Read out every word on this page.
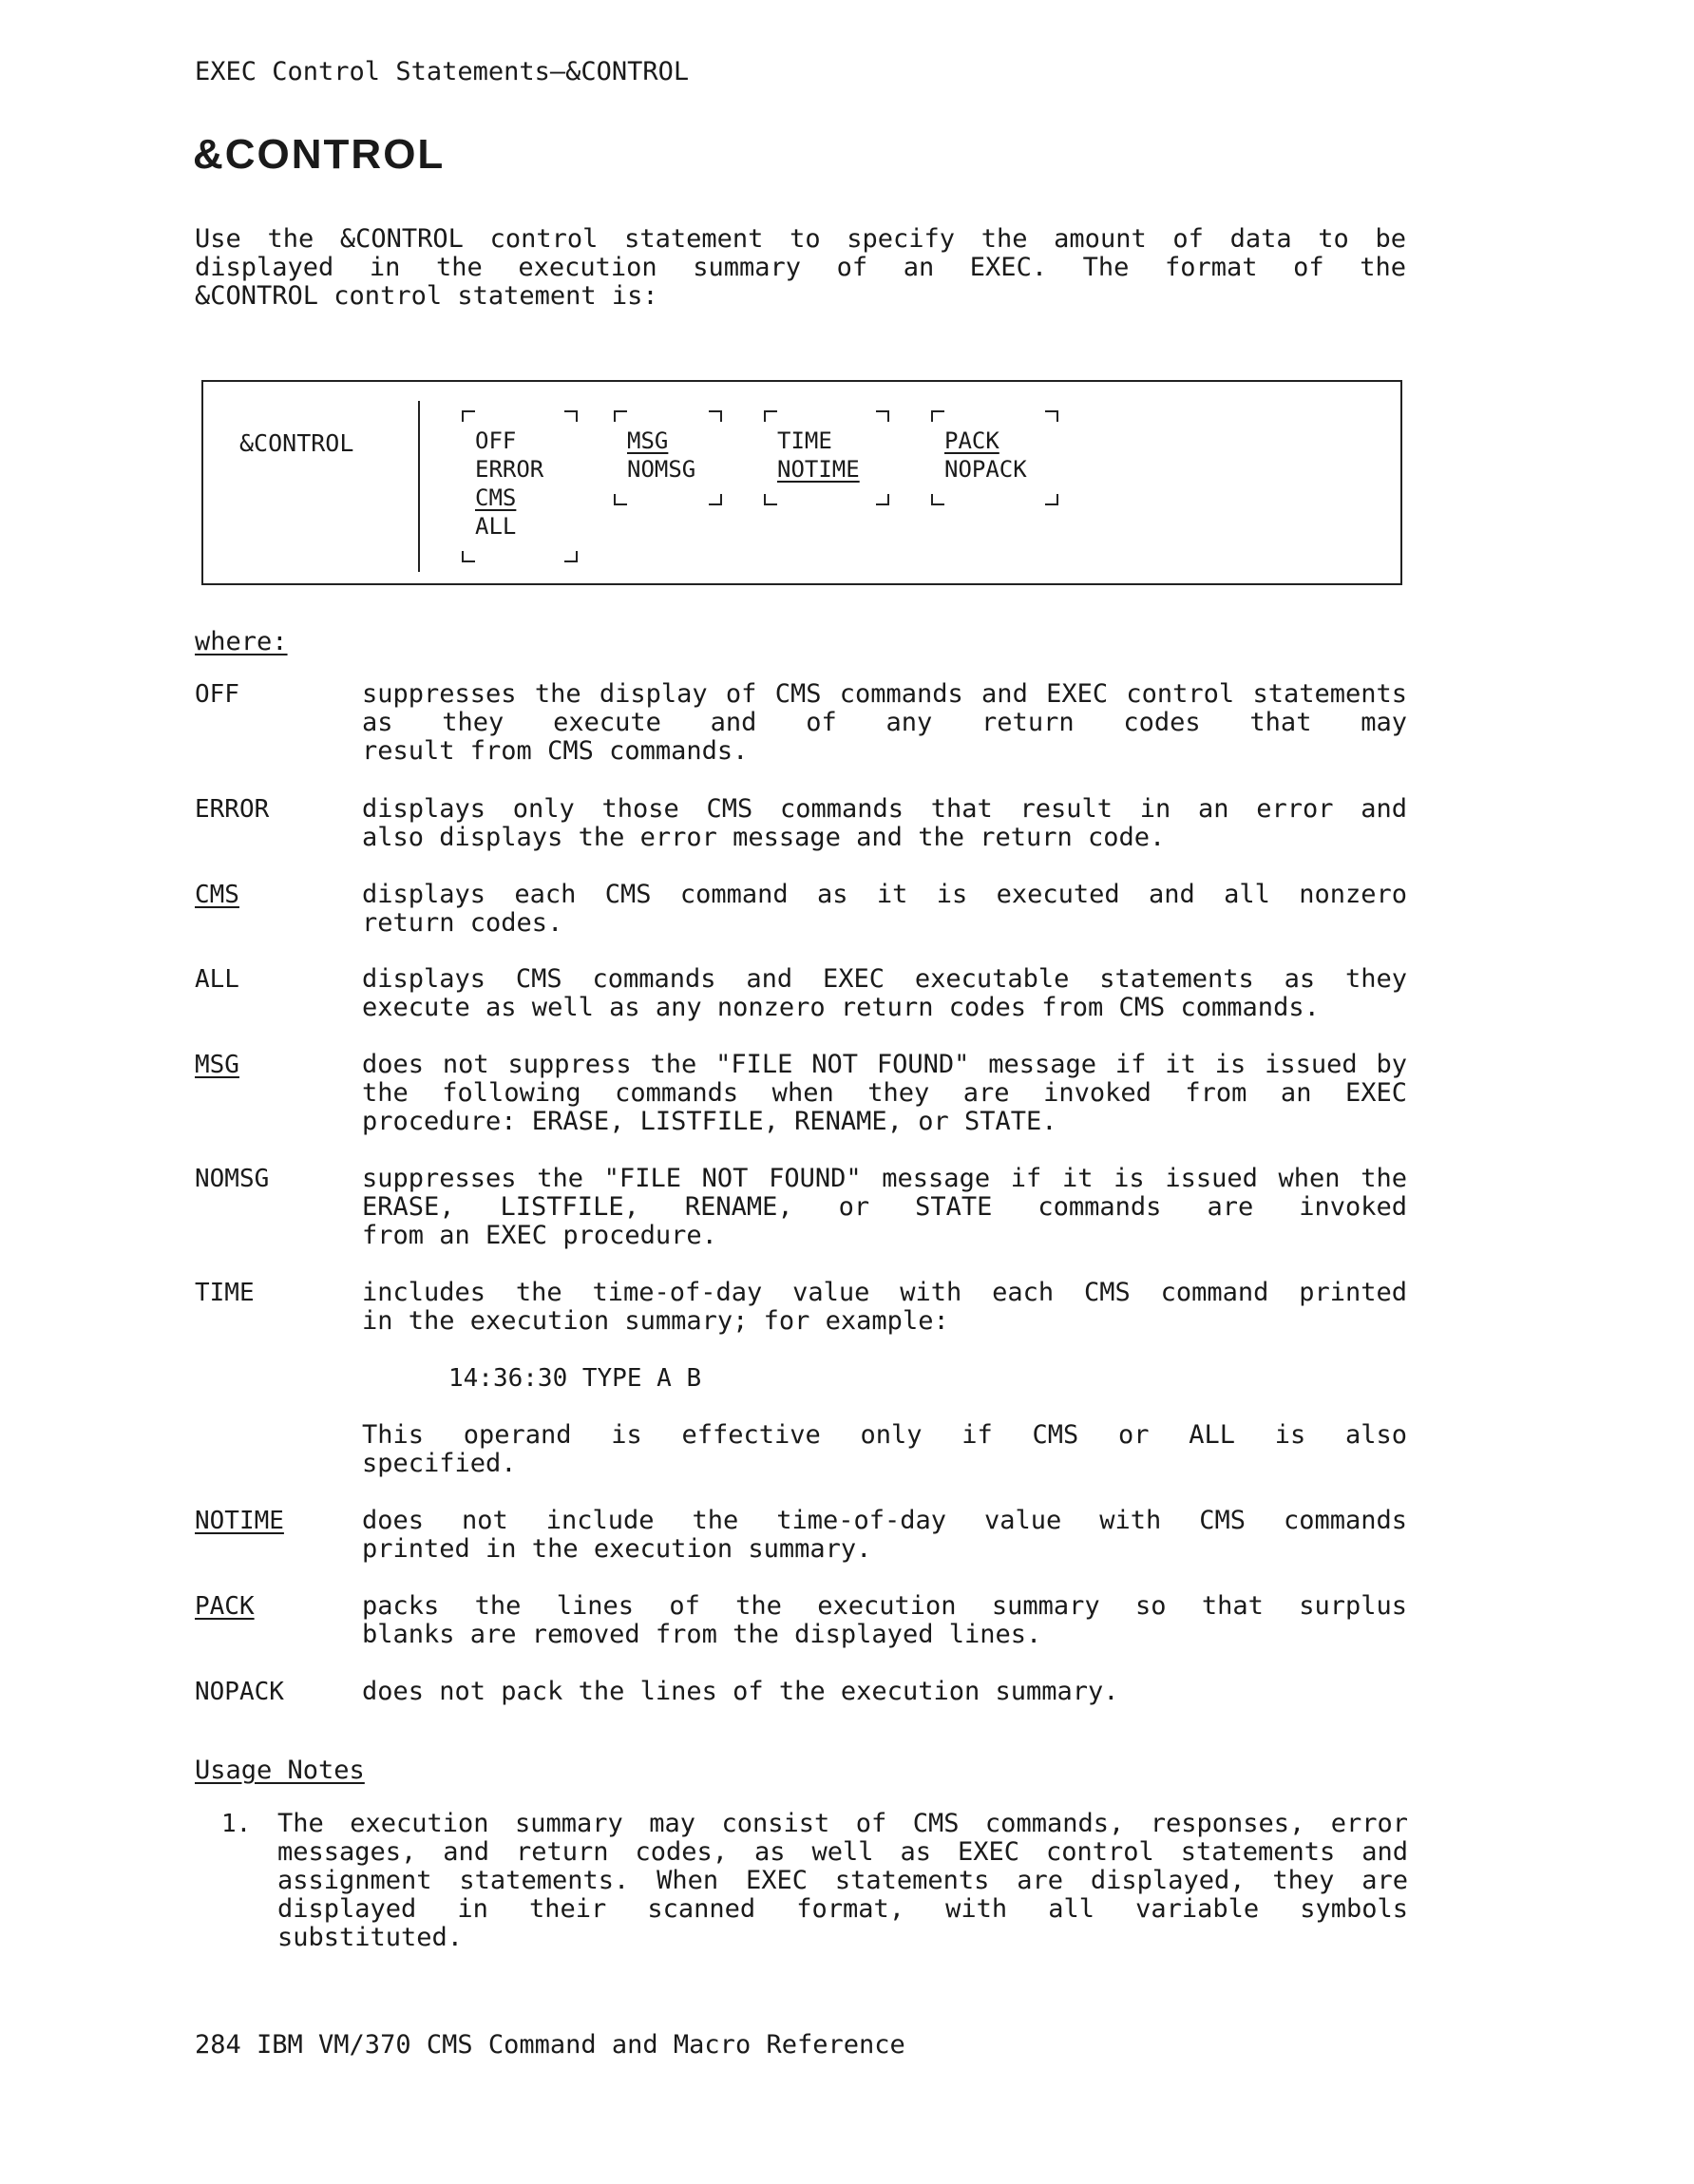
EXEC Control Statements—&CONTROL
&CONTROL
Use the &CONTROL control statement to specify the amount of data to be displayed in the execution summary of an EXEC. The format of the
&CONTROL control statement is:
&CONTROL	OFF
ERROR
CMS
ALL
MSG
NOMSG
TIME
NOTIME
PACK
NOPACK
where:
OFF	suppresses the display of CMS commands and EXEC control statements as they execute and of any return codes that may
result from CMS commands.
ERROR	displays only those CMS commands that result in an error and
also displays the error message and the return code.
CMS	displays each CMS command as it is executed and all nonzero
return codes.
ALL	displays CMS commands and EXEC executable statements as they
execute as well as any nonzero return codes from CMS commands.
MSG	does not suppress the "FILE NOT FOUND" message if it is issued by the following commands when they are invoked from an EXEC
procedure: ERASE, LISTFILE, RENAME, or STATE.
NOMSG	suppresses the "FILE NOT FOUND" message if it is issued when the ERASE, LISTFILE, RENAME, or STATE commands are invoked
from an EXEC procedure.
TIME	includes the time-of-day value with each CMS command printed
in the execution summary; for example:
14:36:30 TYPE A B
This operand is effective only if CMS or ALL is also
specified.
NOTIME	does not include the time-of-day value with CMS commands
printed in the execution summary.
PACK	packs the lines of the execution summary so that surplus
blanks are removed from the displayed lines.
NOPACK	does not pack the lines of the execution summary.
Usage Notes
1. The execution summary may consist of CMS commands, responses, error messages, and return codes, as well as EXEC control statements and assignment statements. When EXEC statements are displayed, they are displayed in their scanned format, with all variable symbols
substituted.
284 IBM VM/370 CMS Command and Macro Reference
